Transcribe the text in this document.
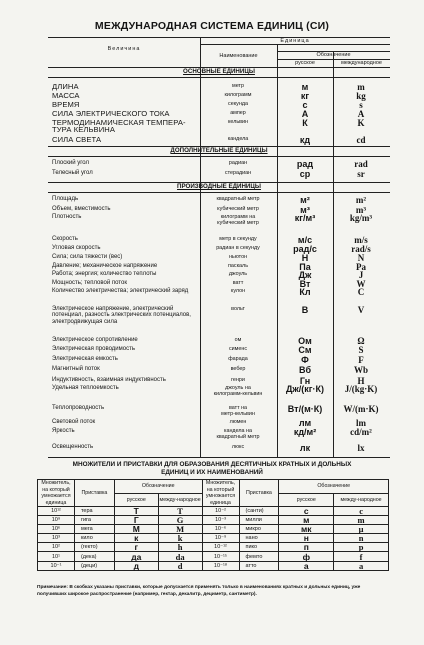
МЕЖДУНАРОДНАЯ СИСТЕМА ЕДИНИЦ (СИ)
Величина
Единица
Наименование	Обозначение
русское	международное
ОСНОВНЫЕ ЕДИНИЦЫ
ДЛИНА	метр	м	m
МАССА	килограмм	кг	kg
ВРЕМЯ	секунда	с	s
СИЛА ЭЛЕКТРИЧЕСКОГО ТОКА	ампер	А	A
ТЕРМОДИНАМИЧЕСКАЯ ТЕМПЕРА-
ТУРА КЕЛЬВИНА
кельвин	К	K
СИЛА СВЕТА	кандела	кд	cd
ДОПОЛНИТЕЛЬНЫЕ ЕДИНИЦЫ
Плоский угол	радиан	рад	rad
Телесный угол	стерадиан	ср	sr
ПРОИЗВОДНЫЕ ЕДИНИЦЫ
Площадь	квадратный метр	м²	m²
Объем, вместимость	кубический метр	м³	m³
Плотность	килограмм на
кубический метр	кг/м³	kg/m³
Скорость	метр в секунду	м/с	m/s
Угловая скорость	радиан в секунду	рад/с	rad/s
Сила; сила тяжести (вес)	ньютон	Н	N
Давление; механическое напряжение	паскаль	Па	Pa
Работа; энергия; количество теплоты	джоуль	Дж	J
Мощность; тепловой поток	ватт	Вт	W
Количество электричества; электрический заряд	кулон	Кл	C
Электрическое напряжение, электрический потенциал, разность электрических потенциалов, электродвижущая сила
вольт	В	V
Электрическое сопротивление	ом	Ом	Ω
Электрическая проводимость	сименс	См	S
Электрическая емкость	фарада	Ф	F
Магнитный поток	вебер	Вб	Wb
Индуктивность, взаимная индуктивность	генри	Гн	H
Удельная теплоемкость	джоуль на
килограмм-кельвин	Дж/(кг·К)	J/(kg·K)
Теплопроводность	ватт на
метр-кельвин	Вт/(м·К)	W/(m·K)
Световой поток	люмен	лм	lm
Яркость	кандела на
квадратный метр	кд/м²	cd/m²
Освещенность	люкс	лк	lx
МНОЖИТЕЛИ И ПРИСТАВКИ ДЛЯ ОБРАЗОВАНИЯ ДЕСЯТИЧНЫХ КРАТНЫХ И ДОЛЬНЫХ
ЕДИНИЦ И ИХ НАИМЕНОВАНИЙ
Множитель, на который умножается единица	Приставка	Обозначение		Множитель, на который умножается единица	Приставка	Обозначение	
		русское	между-народное			русское	между-народное
10¹²	тера	Т	T	10⁻²	(санти)	с	c
10⁹	гига	Г	G	10⁻³	милли	м	m
10⁶	мега	М	M	10⁻⁶	микро	мк	μ
10³	кило	к	k	10⁻⁹	нано	н	n
10²	(гекто)	г	h	10⁻¹²	пико	п	p
10¹	(дека)	да	da	10⁻¹⁵	фемто	ф	f
10⁻¹	(деци)	д	d	10⁻¹⁸	атто	а	a
Примечание: В скобках указаны приставки, которые допускается применять только в наименованиях кратных и дольных единиц, уже получивших широкое распространение (например, гектар, декалитр, дециметр, сантиметр).
